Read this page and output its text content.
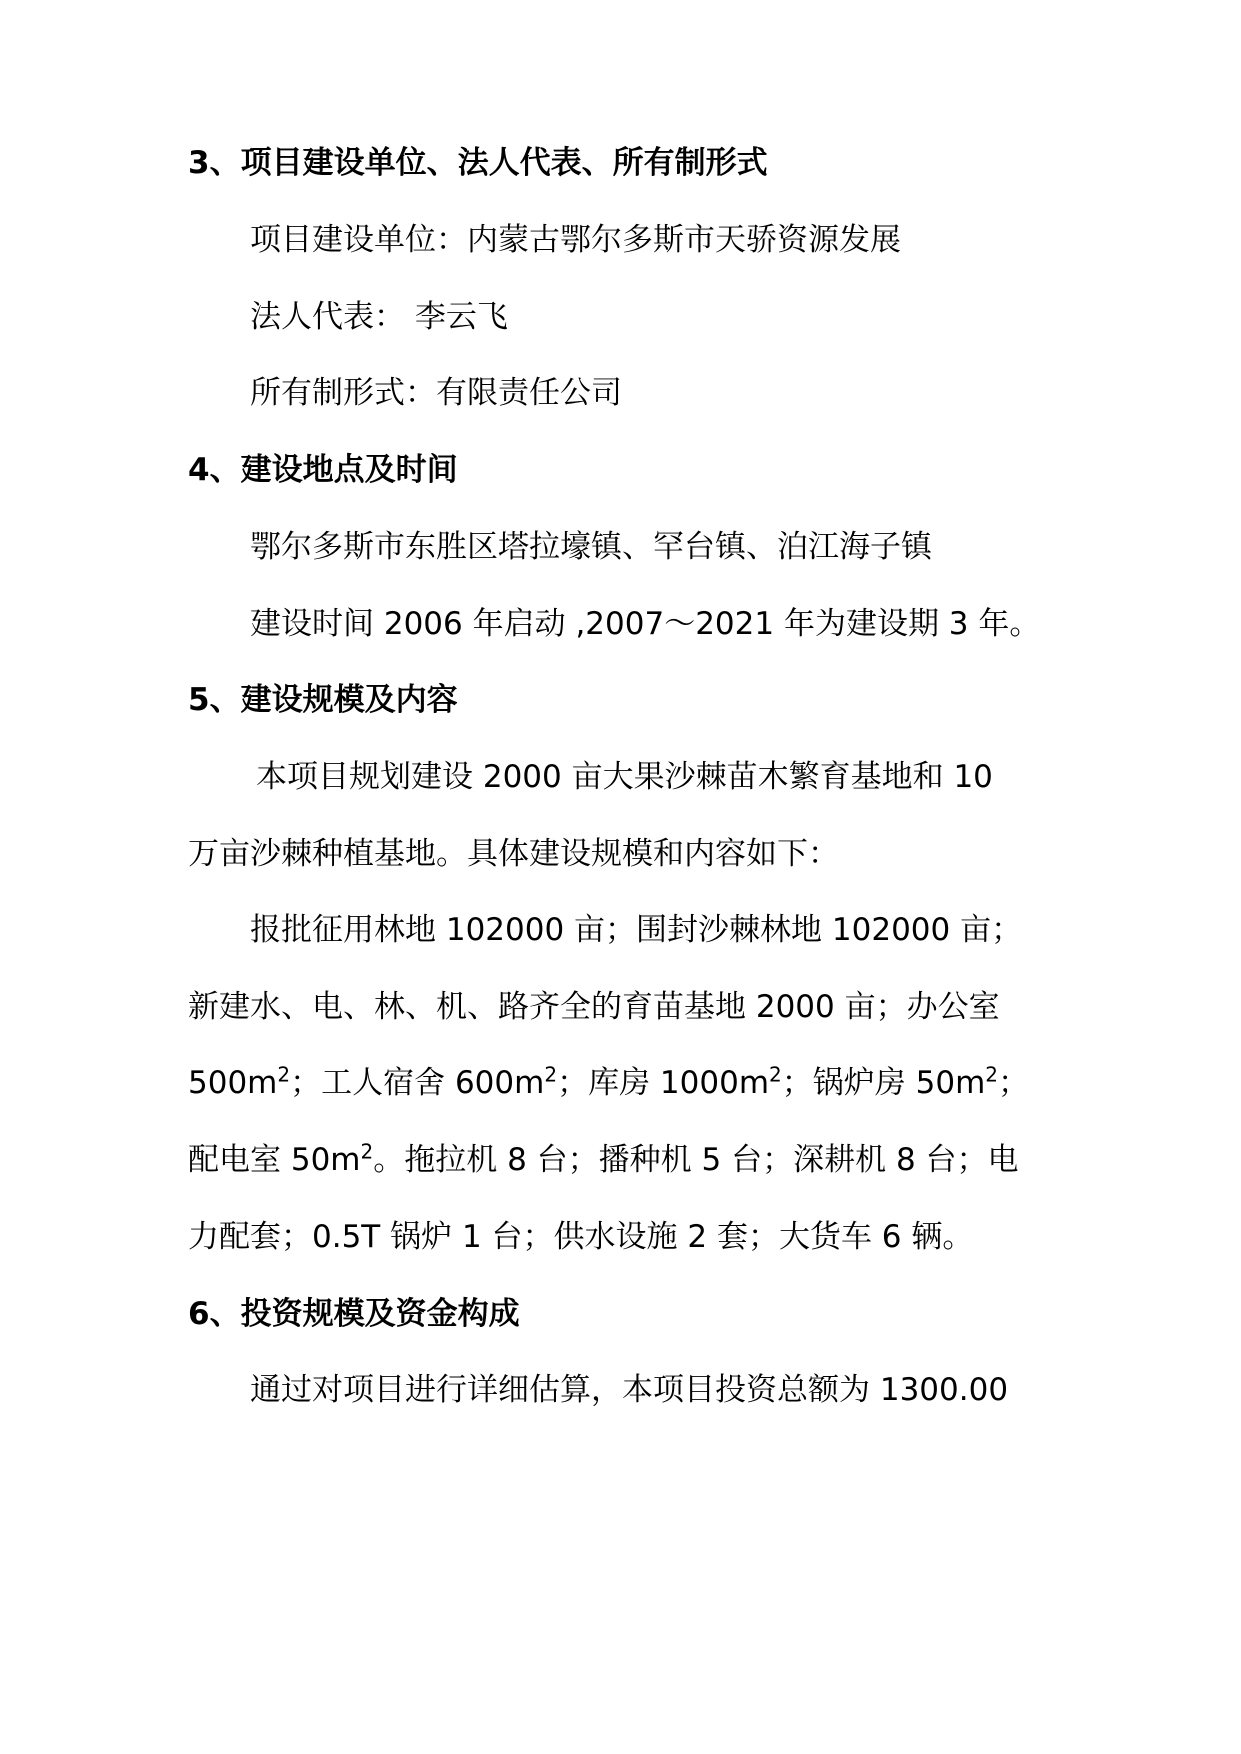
3、项目建设单位、法人代表、所有制形式
项目建设单位：内蒙古鄂尔多斯市天骄资源发展
法人代表： 李云飞
所有制形式：有限责任公司
4、建设地点及时间
鄂尔多斯市东胜区塔拉壕镇、罕台镇、泊江海子镇
建设时间 2006 年启动 ,2007～2021 年为建设期 3 年。
5、建设规模及内容
本项目规划建设 2000 亩大果沙棘苗木繁育基地和 10
万亩沙棘种植基地。具体建设规模和内容如下：
报批征用林地 102000 亩；围封沙棘林地 102000 亩；
新建水、电、林、机、路齐全的育苗基地 2000 亩；办公室
$500m^2$；工人宿舍 $600m^2$；库房 $1000m^2$；锅炉房 $50m^2$；
配电室 $50m^2$。拖拉机 8 台；播种机 5 台；深耕机 8 台；电
力配套；0.5T 锅炉 1 台；供水设施 2 套；大货车 6 辆。
6、投资规模及资金构成
通过对项目进行详细估算，本项目投资总额为 1300.00
